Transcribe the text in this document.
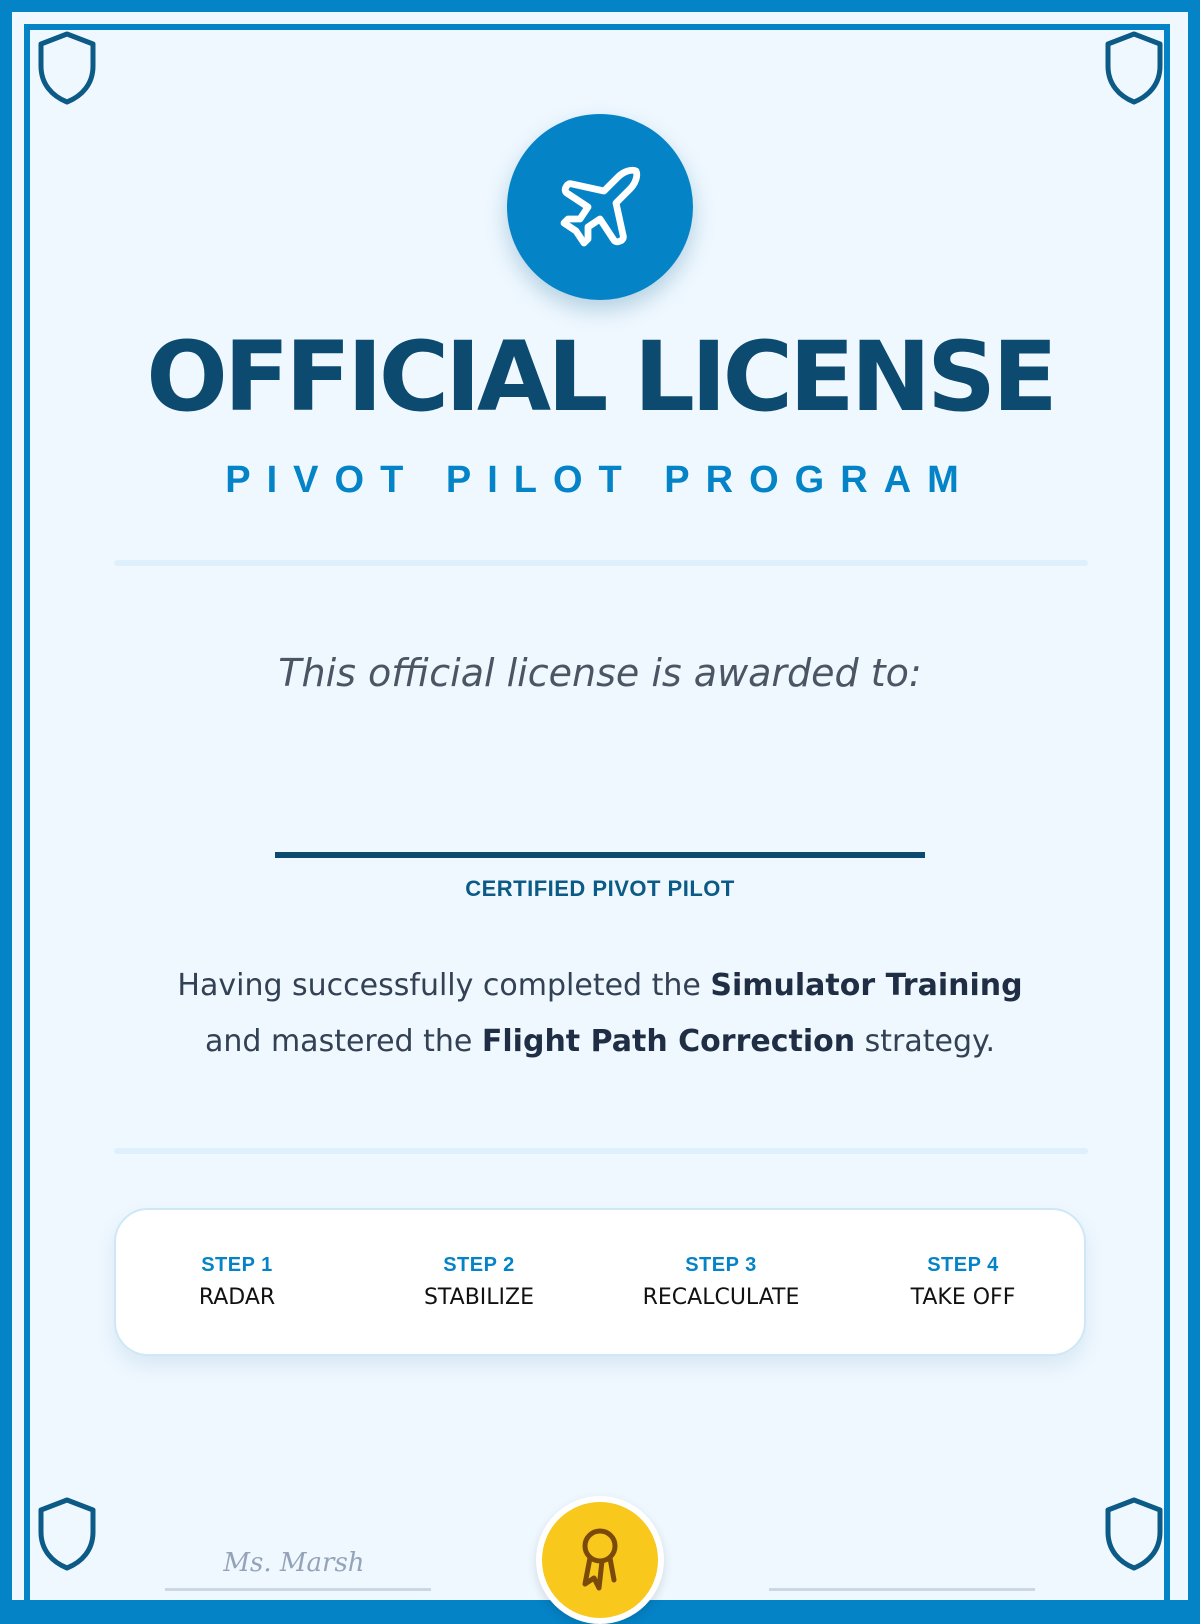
OFFICIAL LICENSE
PIVOT PILOT PROGRAM
This official license is awarded to:
CERTIFIED PIVOT PILOT
Having successfully completed the Simulator Training
and mastered the Flight Path Correction strategy.
STEP 1
RADAR
STEP 2
STABILIZE
STEP 3
RECALCULATE
STEP 4
TAKE OFF
Ms. Marsh
